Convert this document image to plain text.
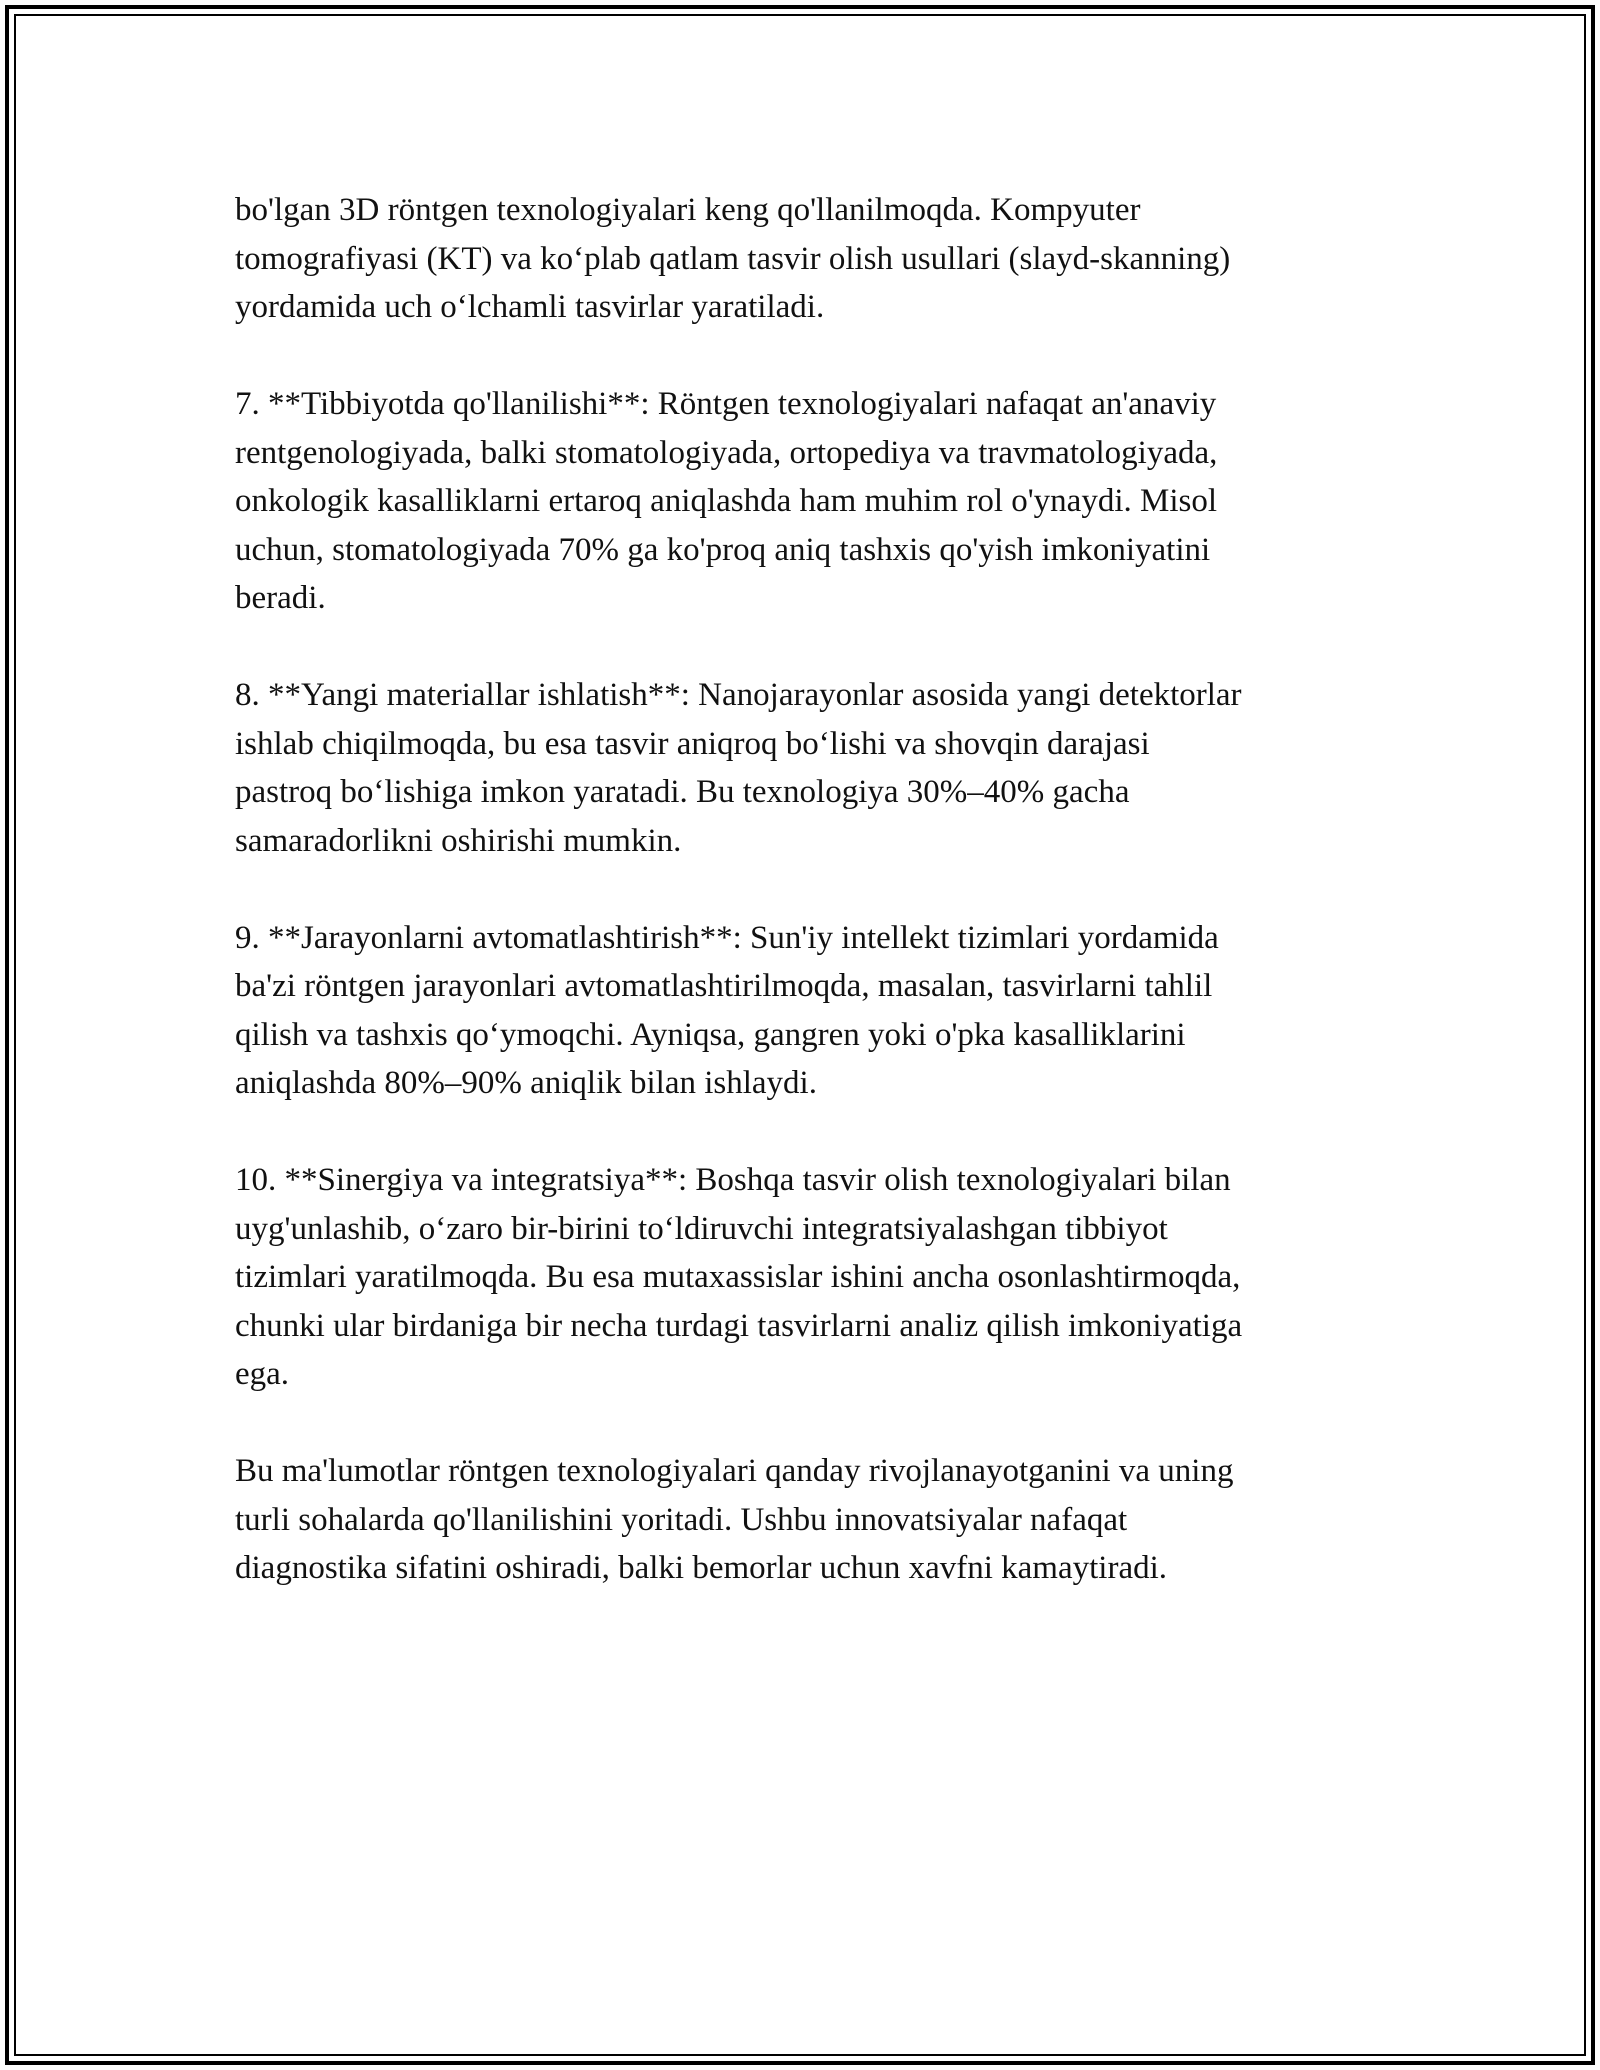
bo'lgan 3D röntgen texnologiyalari keng qo'llanilmoqda. Kompyuter
tomografiyasi (KT) va ko‘plab qatlam tasvir olish usullari (slayd-skanning)
yordamida uch o‘lchamli tasvirlar yaratiladi.

7. **Tibbiyotda qo'llanilishi**: Röntgen texnologiyalari nafaqat an'anaviy
rentgenologiyada, balki stomatologiyada, ortopediya va travmatologiyada,
onkologik kasalliklarni ertaroq aniqlashda ham muhim rol o'ynaydi. Misol
uchun, stomatologiyada 70% ga ko'proq aniq tashxis qo'yish imkoniyatini
beradi.

8. **Yangi materiallar ishlatish**: Nanojarayonlar asosida yangi detektorlar
ishlab chiqilmoqda, bu esa tasvir aniqroq bo‘lishi va shovqin darajasi
pastroq bo‘lishiga imkon yaratadi. Bu texnologiya 30%–40% gacha
samaradorlikni oshirishi mumkin.

9. **Jarayonlarni avtomatlashtirish**: Sun'iy intellekt tizimlari yordamida
ba'zi röntgen jarayonlari avtomatlashtirilmoqda, masalan, tasvirlarni tahlil
qilish va tashxis qo‘ymoqchi. Ayniqsa, gangren yoki o'pka kasalliklarini
aniqlashda 80%–90% aniqlik bilan ishlaydi.

10. **Sinergiya va integratsiya**: Boshqa tasvir olish texnologiyalari bilan
uyg'unlashib, o‘zaro bir-birini to‘ldiruvchi integratsiyalashgan tibbiyot
tizimlari yaratilmoqda. Bu esa mutaxassislar ishini ancha osonlashtirmoqda,
chunki ular birdaniga bir necha turdagi tasvirlarni analiz qilish imkoniyatiga
ega.

Bu ma'lumotlar röntgen texnologiyalari qanday rivojlanayotganini va uning
turli sohalarda qo'llanilishini yoritadi. Ushbu innovatsiyalar nafaqat
diagnostika sifatini oshiradi, balki bemorlar uchun xavfni kamaytiradi.
